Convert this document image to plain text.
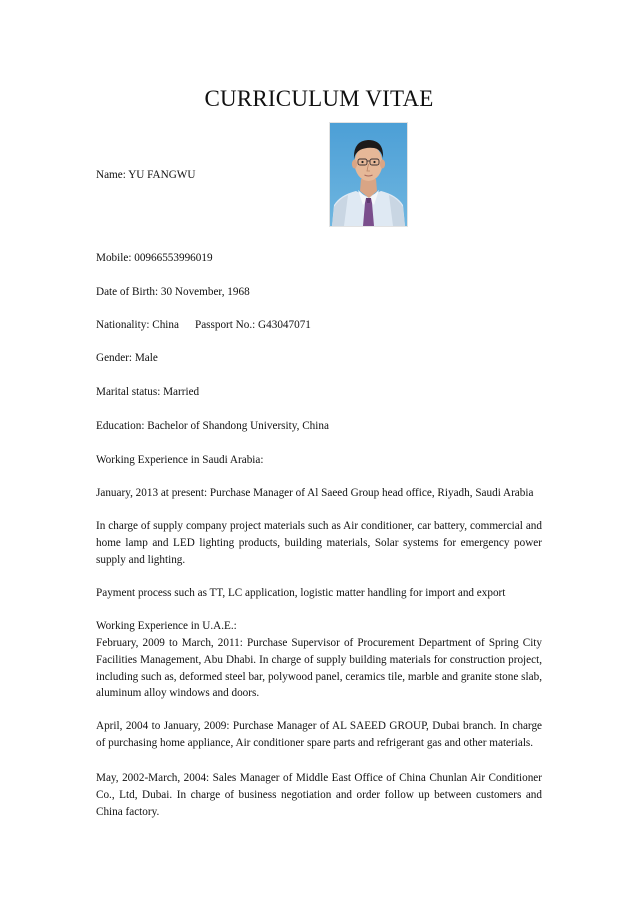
CURRICULUM VITAE
Name: YU FANGWU
Mobile: 00966553996019
Date of Birth: 30 November, 1968
Nationality: China Passport No.: G43047071
Gender: Male
Marital status: Married
Education: Bachelor of Shandong University, China
Working Experience in Saudi Arabia:
January, 2013 at present: Purchase Manager of Al Saeed Group head office, Riyadh, Saudi Arabia
In charge of supply company project materials such as Air conditioner, car battery, commercial and home lamp and LED lighting products, building materials, Solar systems for emergency power supply and lighting.
Payment process such as TT, LC application, logistic matter handling for import and export
Working Experience in U.A.E.:
February, 2009 to March, 2011: Purchase Supervisor of Procurement Department of Spring City Facilities Management, Abu Dhabi. In charge of supply building materials for construction project, including such as, deformed steel bar, polywood panel, ceramics tile, marble and granite stone slab, aluminum alloy windows and doors.
April, 2004 to January, 2009: Purchase Manager of AL SAEED GROUP, Dubai branch. In charge of purchasing home appliance, Air conditioner spare parts and refrigerant gas and other materials.
May, 2002-March, 2004: Sales Manager of Middle East Office of China Chunlan Air Conditioner Co., Ltd, Dubai. In charge of business negotiation and order follow up between customers and China factory.
